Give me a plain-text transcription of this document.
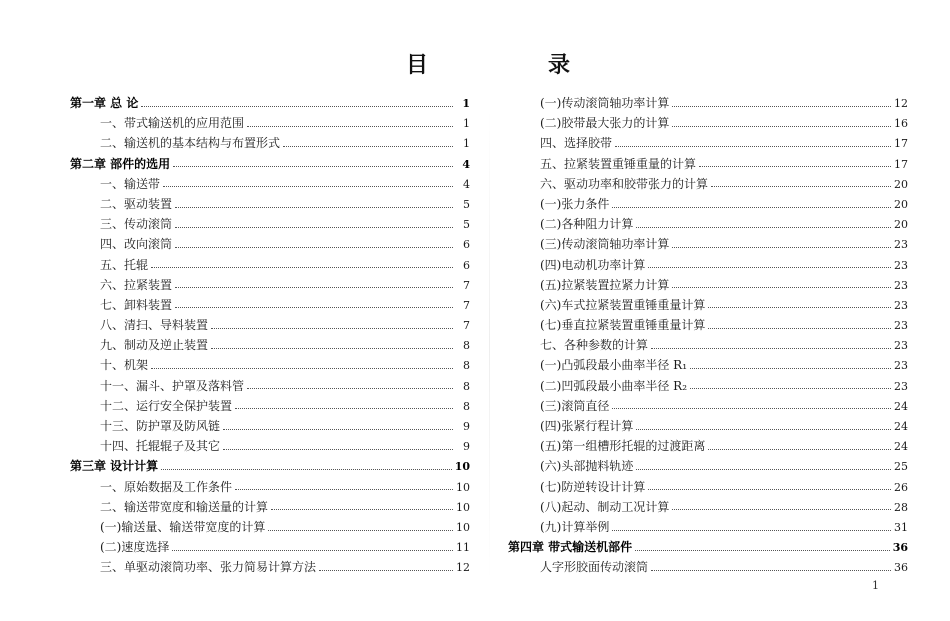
目	录
第一章 总 论	1
一、带式输送机的应用范围	1
二、输送机的基本结构与布置形式	1
第二章 部件的选用	4
一、输送带	4
二、驱动装置	5
三、传动滚筒	5
四、改向滚筒	6
五、托辊	6
六、拉紧装置	7
七、卸料装置	7
八、清扫、导料装置	7
九、制动及逆止装置	8
十、机架	8
十一、漏斗、护罩及落料管	8
十二、运行安全保护装置	8
十三、防护罩及防风链	9
十四、托辊辊子及其它	9
第三章 设计计算	10
一、原始数据及工作条件	10
二、输送带宽度和输送量的计算	10
(一)输送量、输送带宽度的计算	10
(二)速度选择	11
三、单驱动滚筒功率、张力简易计算方法	12
(一)传动滚筒轴功率计算	12
(二)胶带最大张力的计算	16
四、选择胶带	17
五、拉紧装置重锤重量的计算	17
六、驱动功率和胶带张力的计算	20
(一)张力条件	20
(二)各种阻力计算	20
(三)传动滚筒轴功率计算	23
(四)电动机功率计算	23
(五)拉紧装置拉紧力计算	23
(六)车式拉紧装置重锤重量计算	23
(七)垂直拉紧装置重锤重量计算	23
七、各种参数的计算	23
(一)凸弧段最小曲率半径 R₁	23
(二)凹弧段最小曲率半径 R₂	23
(三)滚筒直径	24
(四)张紧行程计算	24
(五)第一组槽形托辊的过渡距离	24
(六)头部抛料轨迹	25
(七)防逆转设计计算	26
(八)起动、制动工况计算	28
(九)计算举例	31
第四章 带式输送机部件	36
人字形胶面传动滚筒	36
1
